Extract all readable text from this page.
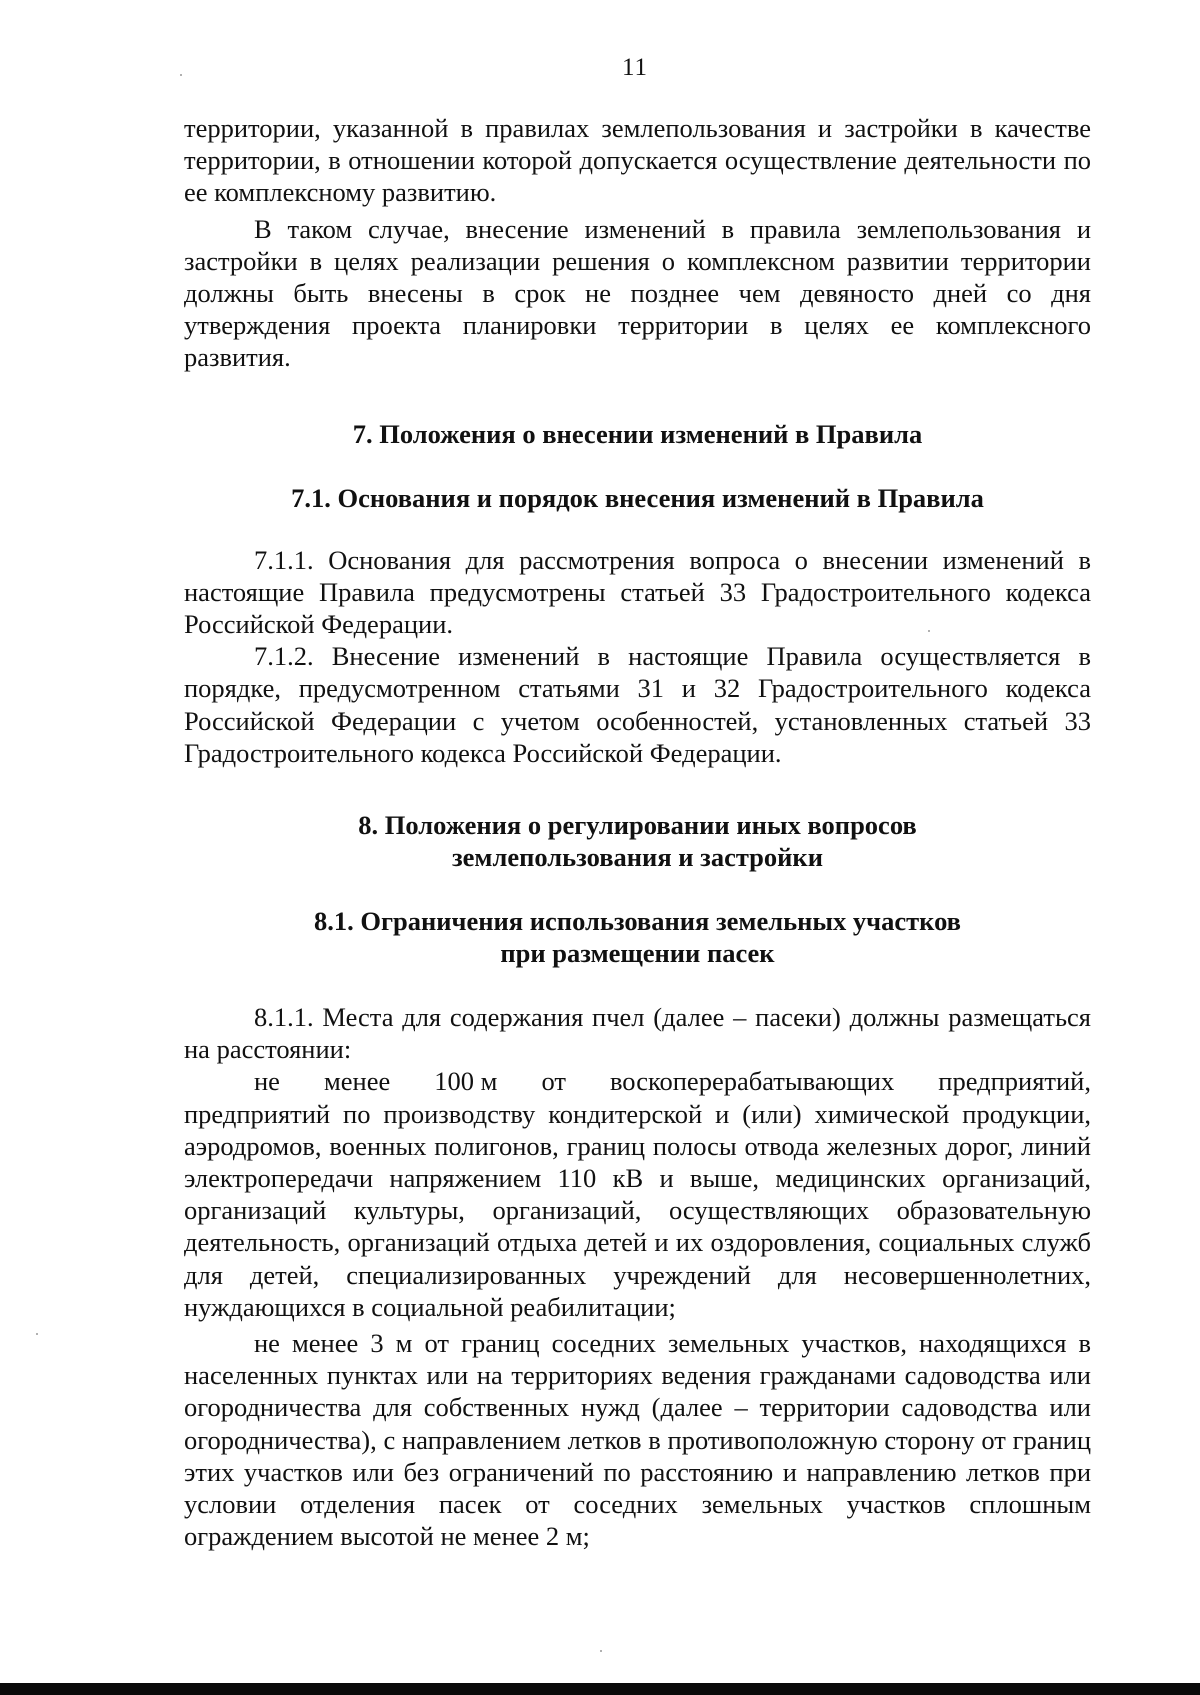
11

территории, указанной в правилах землепользования и застройки в качестве территории, в отношении которой допускается осуществление деятельности по ее комплексному развитию.

В таком случае, внесение изменений в правила землепользования и застройки в целях реализации решения о комплексном развитии территории должны быть внесены в срок не позднее чем девяносто дней со дня утверждения проекта планировки территории в целях ее комплексного развития.

7. Положения о внесении изменений в Правила
7.1. Основания и порядок внесения изменений в Правила

7.1.1. Основания для рассмотрения вопроса о внесении изменений в настоящие Правила предусмотрены статьей 33 Градостроительного кодекса Российской Федерации.

7.1.2. Внесение изменений в настоящие Правила осуществляется в порядке, предусмотренном статьями 31 и 32 Градостроительного кодекса Российской Федерации с учетом особенностей, установленных статьей 33 Градостроительного кодекса Российской Федерации.

8. Положения о регулировании иных вопросов
землепользования и застройки
8.1. Ограничения использования земельных участков
при размещении пасек

8.1.1. Места для содержания пчел (далее – пасеки) должны размещаться на расстоянии:

не менее 100 м от воскоперерабатывающих предприятий,

предприятий по производству кондитерской и (или) химической продукции, аэродромов, военных полигонов, границ полосы отвода железных дорог, линий электропередачи напряжением 110 кВ и выше, медицинских организаций, организаций культуры, организаций, осуществляющих образовательную деятельность, организаций отдыха детей и их оздоровления, социальных служб для детей, специализированных учреждений для несовершеннолетних, нуждающихся в социальной реабилитации;

не менее 3 м от границ соседних земельных участков, находящихся в населенных пунктах или на территориях ведения гражданами садоводства или огородничества для собственных нужд (далее – территории садоводства или огородничества), с направлением летков в противоположную сторону от границ этих участков или без ограничений по расстоянию и направлению летков при условии отделения пасек от соседних земельных участков сплошным ограждением высотой не менее 2 м;
